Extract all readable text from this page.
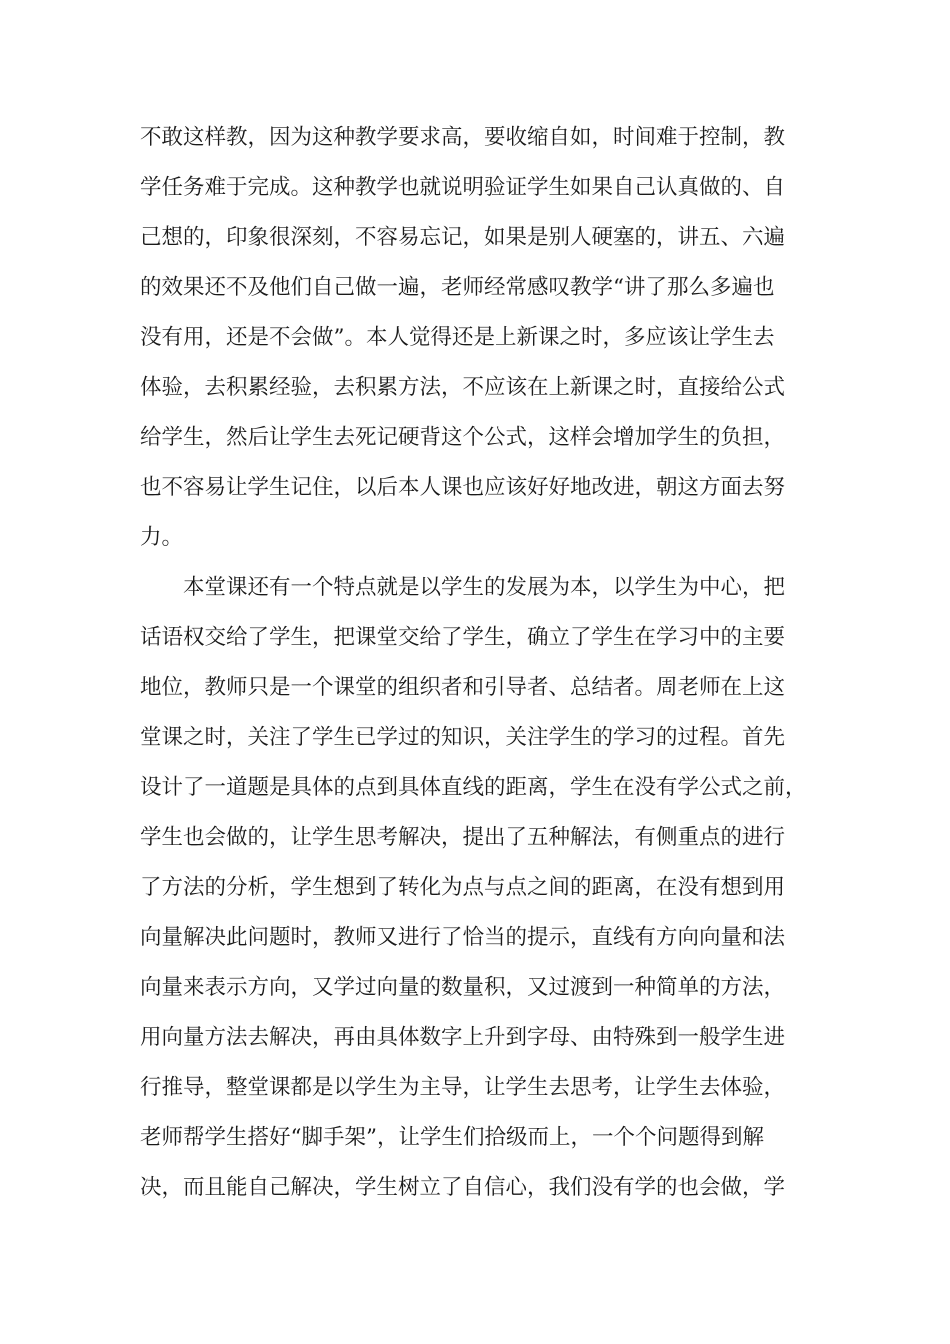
不敢这样教，因为这种教学要求高，要收缩自如，时间难于控制，教
学任务难于完成。这种教学也就说明验证学生如果自己认真做的、自
己想的，印象很深刻，不容易忘记，如果是别人硬塞的，讲五、六遍
的效果还不及他们自己做一遍，老师经常感叹教学“讲了那么多遍也
没有用，还是不会做”。本人觉得还是上新课之时，多应该让学生去
体验，去积累经验，去积累方法，不应该在上新课之时，直接给公式
给学生，然后让学生去死记硬背这个公式，这样会增加学生的负担，
也不容易让学生记住，以后本人课也应该好好地改进，朝这方面去努
力。
本堂课还有一个特点就是以学生的发展为本，以学生为中心，把
话语权交给了学生，把课堂交给了学生，确立了学生在学习中的主要
地位，教师只是一个课堂的组织者和引导者、总结者。周老师在上这
堂课之时，关注了学生已学过的知识，关注学生的学习的过程。首先
设计了一道题是具体的点到具体直线的距离，学生在没有学公式之前，
学生也会做的，让学生思考解决，提出了五种解法，有侧重点的进行
了方法的分析，学生想到了转化为点与点之间的距离，在没有想到用
向量解决此问题时，教师又进行了恰当的提示，直线有方向向量和法
向量来表示方向，又学过向量的数量积，又过渡到一种简单的方法，
用向量方法去解决，再由具体数字上升到字母、由特殊到一般学生进
行推导，整堂课都是以学生为主导，让学生去思考，让学生去体验，
老师帮学生搭好“脚手架”，让学生们拾级而上，一个个问题得到解
决，而且能自己解决，学生树立了自信心，我们没有学的也会做，学
